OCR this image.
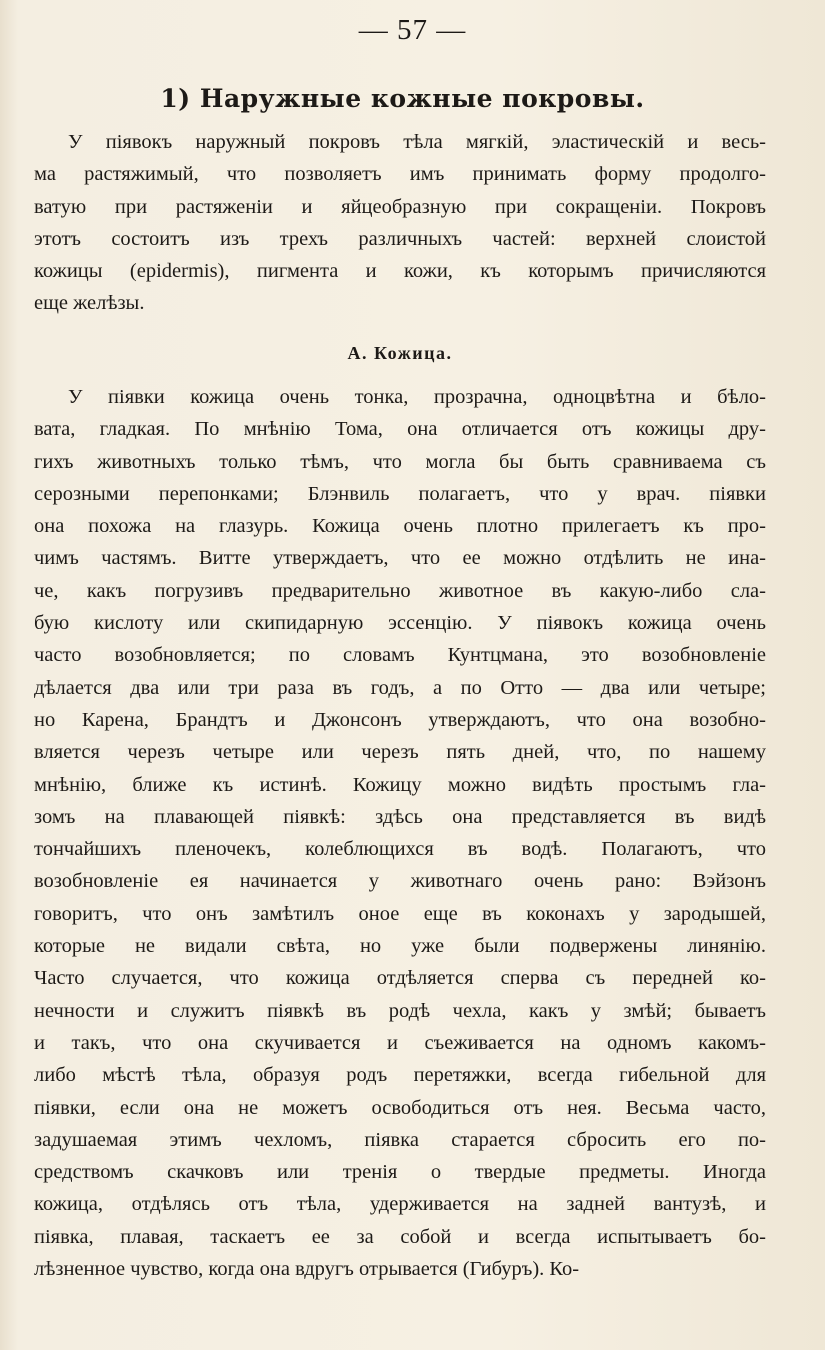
— 57 —
1) Наружные кожные покровы.
У піявокъ наружный покровъ тѣла мягкій, эластическій и весь-
ма растяжимый, что позволяетъ имъ принимать форму продолго-
ватую при растяженіи и яйцеобразную при сокращеніи. Покровъ
этотъ состоитъ изъ трехъ различныхъ частей: верхней слоистой
кожицы (epidermis), пигмента и кожи, къ которымъ причисляются
еще желѣзы.
А. Кожица.
У піявки кожица очень тонка, прозрачна, одноцвѣтна и бѣло-
вата, гладкая. По мнѣнію Тома, она отличается отъ кожицы дру-
гихъ животныхъ только тѣмъ, что могла бы быть сравниваема съ
серозными перепонками; Блэнвиль полагаетъ, что у врач. піявки
она похожа на глазурь. Кожица очень плотно прилегаетъ къ про-
чимъ частямъ. Витте утверждаетъ, что ее можно отдѣлить не ина-
че, какъ погрузивъ предварительно животное въ какую-либо сла-
бую кислоту или скипидарную эссенцію. У піявокъ кожица очень
часто возобновляется; по словамъ Кунтцмана, это возобновленіе
дѣлается два или три раза въ годъ, а по Отто — два или четыре;
но Карена, Брандтъ и Джонсонъ утверждаютъ, что она возобно-
вляется черезъ четыре или черезъ пять дней, что, по нашему
мнѣнію, ближе къ истинѣ. Кожицу можно видѣть простымъ гла-
зомъ на плавающей піявкѣ: здѣсь она представляется въ видѣ
тончайшихъ пленочекъ, колеблющихся въ водѣ. Полагаютъ, что
возобновленіе ея начинается у животнаго очень рано: Вэйзонъ
говоритъ, что онъ замѣтилъ оное еще въ коконахъ у зародышей,
которые не видали свѣта, но уже были подвержены линянію.
Часто случается, что кожица отдѣляется сперва съ передней ко-
нечности и служитъ піявкѣ въ родѣ чехла, какъ у змѣй; бываетъ
и такъ, что она скучивается и съеживается на одномъ какомъ-
либо мѣстѣ тѣла, образуя родъ перетяжки, всегда гибельной для
піявки, если она не можетъ освободиться отъ нея. Весьма часто,
задушаемая этимъ чехломъ, піявка старается сбросить его по-
средствомъ скачковъ или тренія о твердые предметы. Иногда
кожица, отдѣлясь отъ тѣла, удерживается на задней вантузѣ, и
піявка, плавая, таскаетъ ее за собой и всегда испытываетъ бо-
лѣзненное чувство, когда она вдругъ отрывается (Гибуръ). Ко-
